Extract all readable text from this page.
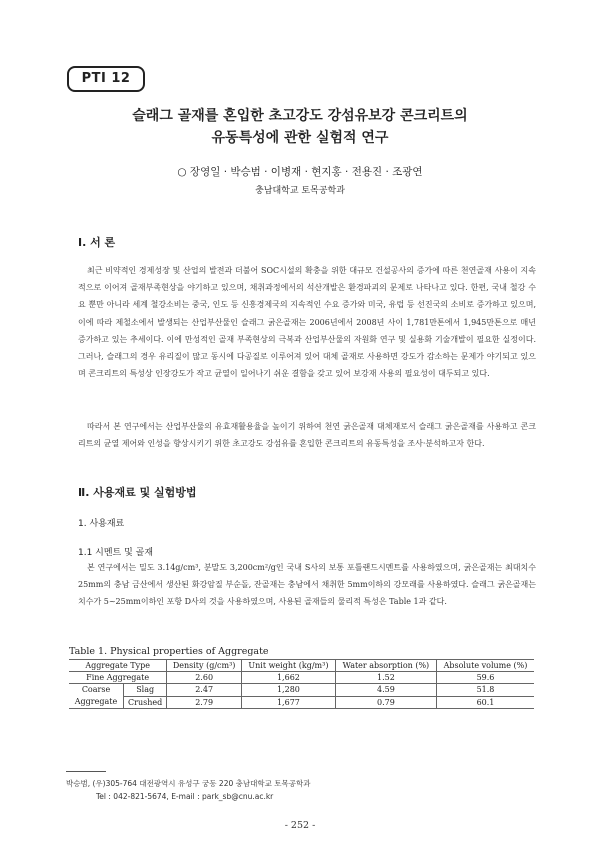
PTI 12
슬래그 골재를 혼입한 초고강도 강섬유보강 콘크리트의
유동특성에 관한 실험적 연구
○ 장영일 · 박승범 · 이병재 · 현지홍 · 전용진 · 조광연
충남대학교 토목공학과
Ⅰ. 서 론

최근 비약적인 경제성장 및 산업의 발전과 더불어 SOC시설의 확충을 위한 대규모 건설공사의 증가에 따른 천연골재 사용이 지속적으로 이어져 골재부족현상을 야기하고 있으며, 채취과정에서의 석산개발은 환경파괴의 문제로 나타나고 있다. 한편, 국내 철강 수요 뿐만 아니라 세계 철강소비는 중국, 인도 등 신흥경제국의 지속적인 수요 증가와 미국, 유럽 등 선진국의 소비로 증가하고 있으며, 이에 따라 제철소에서 발생되는 산업부산물인 슬래그 굵은골재는 2006년에서 2008년 사이 1,781만톤에서 1,945만톤으로 매년 증가하고 있는 추세이다. 이에 만성적인 골재 부족현상의 극복과 산업부산물의 자원화 연구 및 실용화 기술개발이 필요한 실정이다. 그러나, 슬래그의 경우 유리질이 많고 동시에 다공질로 이루어져 있어 대체 골재로 사용하면 강도가 감소하는 문제가 야기되고 있으며 콘크리트의 특성상 인장강도가 작고 균열이 일어나기 쉬운 결함을 갖고 있어 보강재 사용의 필요성이 대두되고 있다.

따라서 본 연구에서는 산업부산물의 유효재활용율을 높이기 위하여 천연 굵은골재 대체재로서 슬래그 굵은골재를 사용하고 콘크리트의 균열 제어와 인성을 향상시키기 위한 초고강도 강섬유를 혼입한 콘크리트의 유동특성을 조사·분석하고자 한다.

Ⅱ. 사용재료 및 실험방법
1. 사용재료
1.1 시멘트 및 골재

본 연구에서는 밀도 3.14g/cm³, 분말도 3,200cm²/g인 국내 S사의 보통 포틀랜드시멘트를 사용하였으며, 굵은골재는 최대치수 25mm의 충남 금산에서 생산된 화강암질 부순돌, 잔골재는 충남에서 채취한 5mm이하의 강모래를 사용하였다. 슬래그 굵은골재는 치수가 5~25mm이하인 포항 D사의 것을 사용하였으며, 사용된 골재들의 물리적 특성은 Table 1과 같다.

Table 1. Physical properties of Aggregate
Aggregate Type		Density (g/cm³)	Unit weight (kg/m³)	Water absorption (%)	Absolute volume (%)
Fine Aggregate		2.60	1,662	1.52	59.6
Coarse
Aggregate	Slag	2.47	1,280	4.59	51.8
	Crushed	2.79	1,677	0.79	60.1
박승범, (우)305-764 대전광역시 유성구 궁동 220 충남대학교 토목공학과
Tel : 042-821-5674, E-mail : park_sb@cnu.ac.kr
- 252 -
